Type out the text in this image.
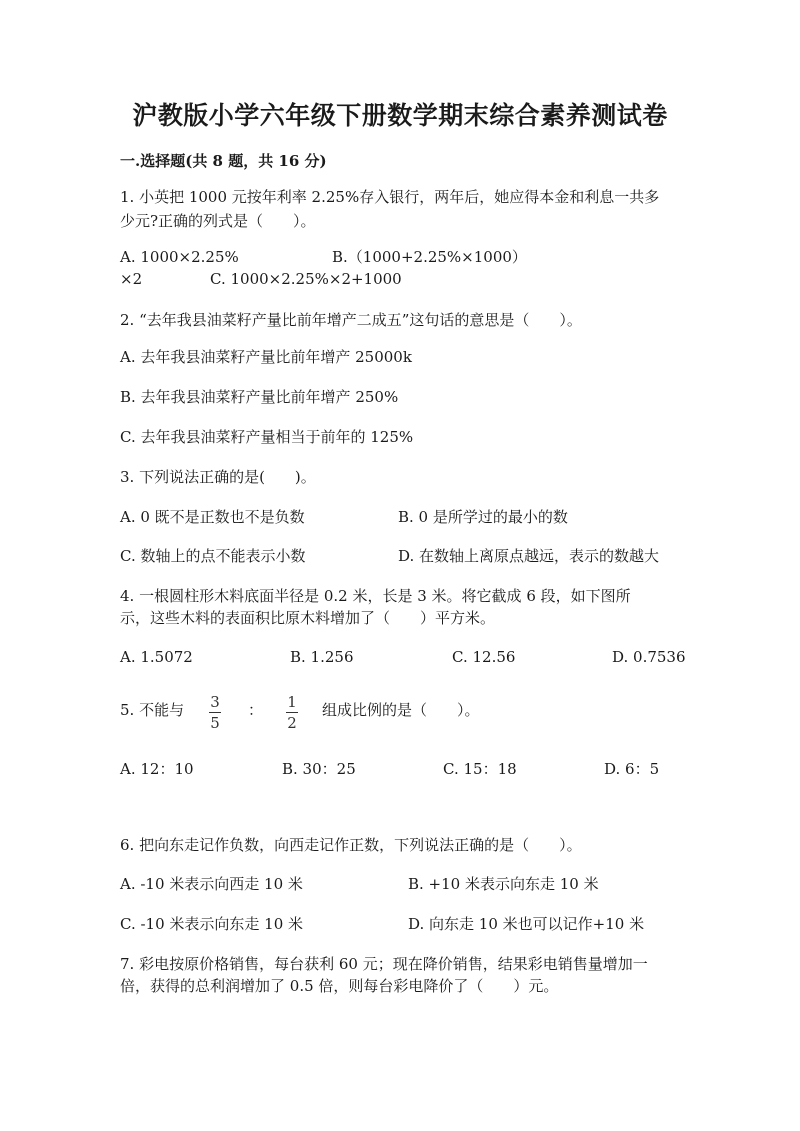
沪教版小学六年级下册数学期末综合素养测试卷
一.选择题(共 8 题，共 16 分)
1. 小英把 1000 元按年利率 2.25%存入银行，两年后，她应得本金和利息一共多
少元?正确的列式是（　　）。
A. 1000×2.25%	B.（1000+2.25%×1000）
×2	C. 1000×2.25%×2+1000
2. “去年我县油菜籽产量比前年增产二成五”这句话的意思是（　　）。
A. 去年我县油菜籽产量比前年增产 25000k
B. 去年我县油菜籽产量比前年增产 250%
C. 去年我县油菜籽产量相当于前年的 125%
3. 下列说法正确的是(　　)。
A. 0 既不是正数也不是负数	B. 0 是所学过的最小的数
C. 数轴上的点不能表示小数	D. 在数轴上离原点越远，表示的数越大
4. 一根圆柱形木料底面半径是 0.2 米，长是 3 米。将它截成 6 段，如下图所
示，这些木料的表面积比原木料增加了（　　）平方米。
A. 1.5072	B. 1.256	C. 12.56	D. 0.7536
5. 不能与 3
5
： 1
2
组成比例的是（　　）。
A. 12：10	B. 30：25	C. 15：18	D. 6：5
6. 把向东走记作负数，向西走记作正数，下列说法正确的是（　　）。
A. -10 米表示向西走 10 米	B. +10 米表示向东走 10 米
C. -10 米表示向东走 10 米	D. 向东走 10 米也可以记作+10 米
7. 彩电按原价格销售，每台获利 60 元；现在降价销售，结果彩电销售量增加一
倍，获得的总利润增加了 0.5 倍，则每台彩电降价了（　　）元。
